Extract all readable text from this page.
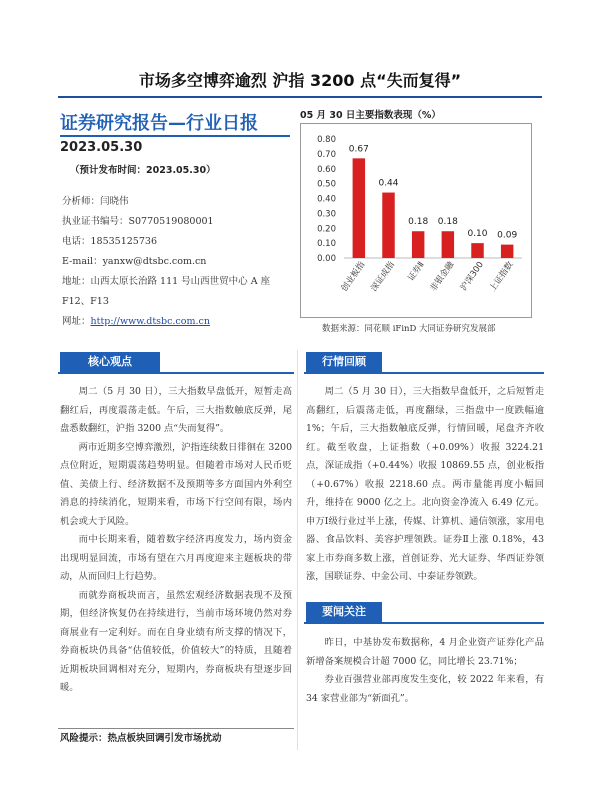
市场多空博弈逾烈 沪指 3200 点“失而复得”
证券研究报告—行业日报
2023.05.30
（预计发布时间：2023.05.30）
分析师：闫晓伟
执业证书编号：S0770519080001
电话：18535125736
E-mail：yanxw@dtsbc.com.cn
地址：山西太原长治路 111 号山西世贸中心 A 座
F12、F13
网址：http://www.dtsbc.com.cn
05 月 30 日主要指数表现（%）
0.00
0.10
0.20
0.30
0.40
0.50
0.60
0.70
0.80
0.67
创业板指
0.44
深证成指
0.18
证券Ⅱ
0.18
非银金融
0.10
沪深300
0.09
上证指数
数据来源：同花顺 iFinD 大同证券研究发展部
核心观点

周二（5 月 30 日），三大指数早盘低开，短暂走高翻红后，再度震荡走低。午后，三大指数触底反弹，尾盘悉数翻红，沪指 3200 点“失而复得”。

两市近期多空博弈激烈，沪指连续数日徘徊在 3200 点位附近，短期震荡趋势明显。但随着市场对人民币贬值、美债上行、经济数据不及预期等多方面国内外利空消息的持续消化，短期来看，市场下行空间有限，场内机会或大于风险。

而中长期来看，随着数字经济再度发力，场内资金出现明显回流，市场有望在六月再度迎来主题板块的带动，从而回归上行趋势。

而就券商板块而言，虽然宏观经济数据表现不及预期，但经济恢复仍在持续进行，当前市场环境仍然对券商展业有一定利好。而在自身业绩有所支撑的情况下，券商板块仍具备“估值较低，价值较大”的特质，且随着近期板块回调相对充分，短期内，券商板块有望逐步回暖。

风险提示：热点板块回调引发市场扰动
行情回顾

周二（5 月 30 日），三大指数早盘低开，之后短暂走高翻红，后震荡走低，再度翻绿，三指盘中一度跌幅逾 1%；午后，三大指数触底反弹，行情回暖，尾盘齐齐收红。截至收盘，上证指数（+0.09%）收报 3224.21 点，深证成指（+0.44%）收报 10869.55 点，创业板指（+0.67%）收报 2218.60 点。两市量能再度小幅回升，维持在 9000 亿之上。北向资金净流入 6.49 亿元。申万Ⅰ级行业过半上涨，传媒、计算机、通信领涨，家用电器、食品饮料、美容护理领跌。证券Ⅱ上涨 0.18%，43 家上市券商多数上涨，首创证券、光大证券、华西证券领涨，国联证券、中金公司、中泰证券领跌。

要闻关注

昨日，中基协发布数据称，4 月企业资产证券化产品新增备案规模合计超 7000 亿，同比增长 23.71%；

券业百强营业部再度发生变化，较 2022 年来看，有 34 家营业部为“新面孔”。
